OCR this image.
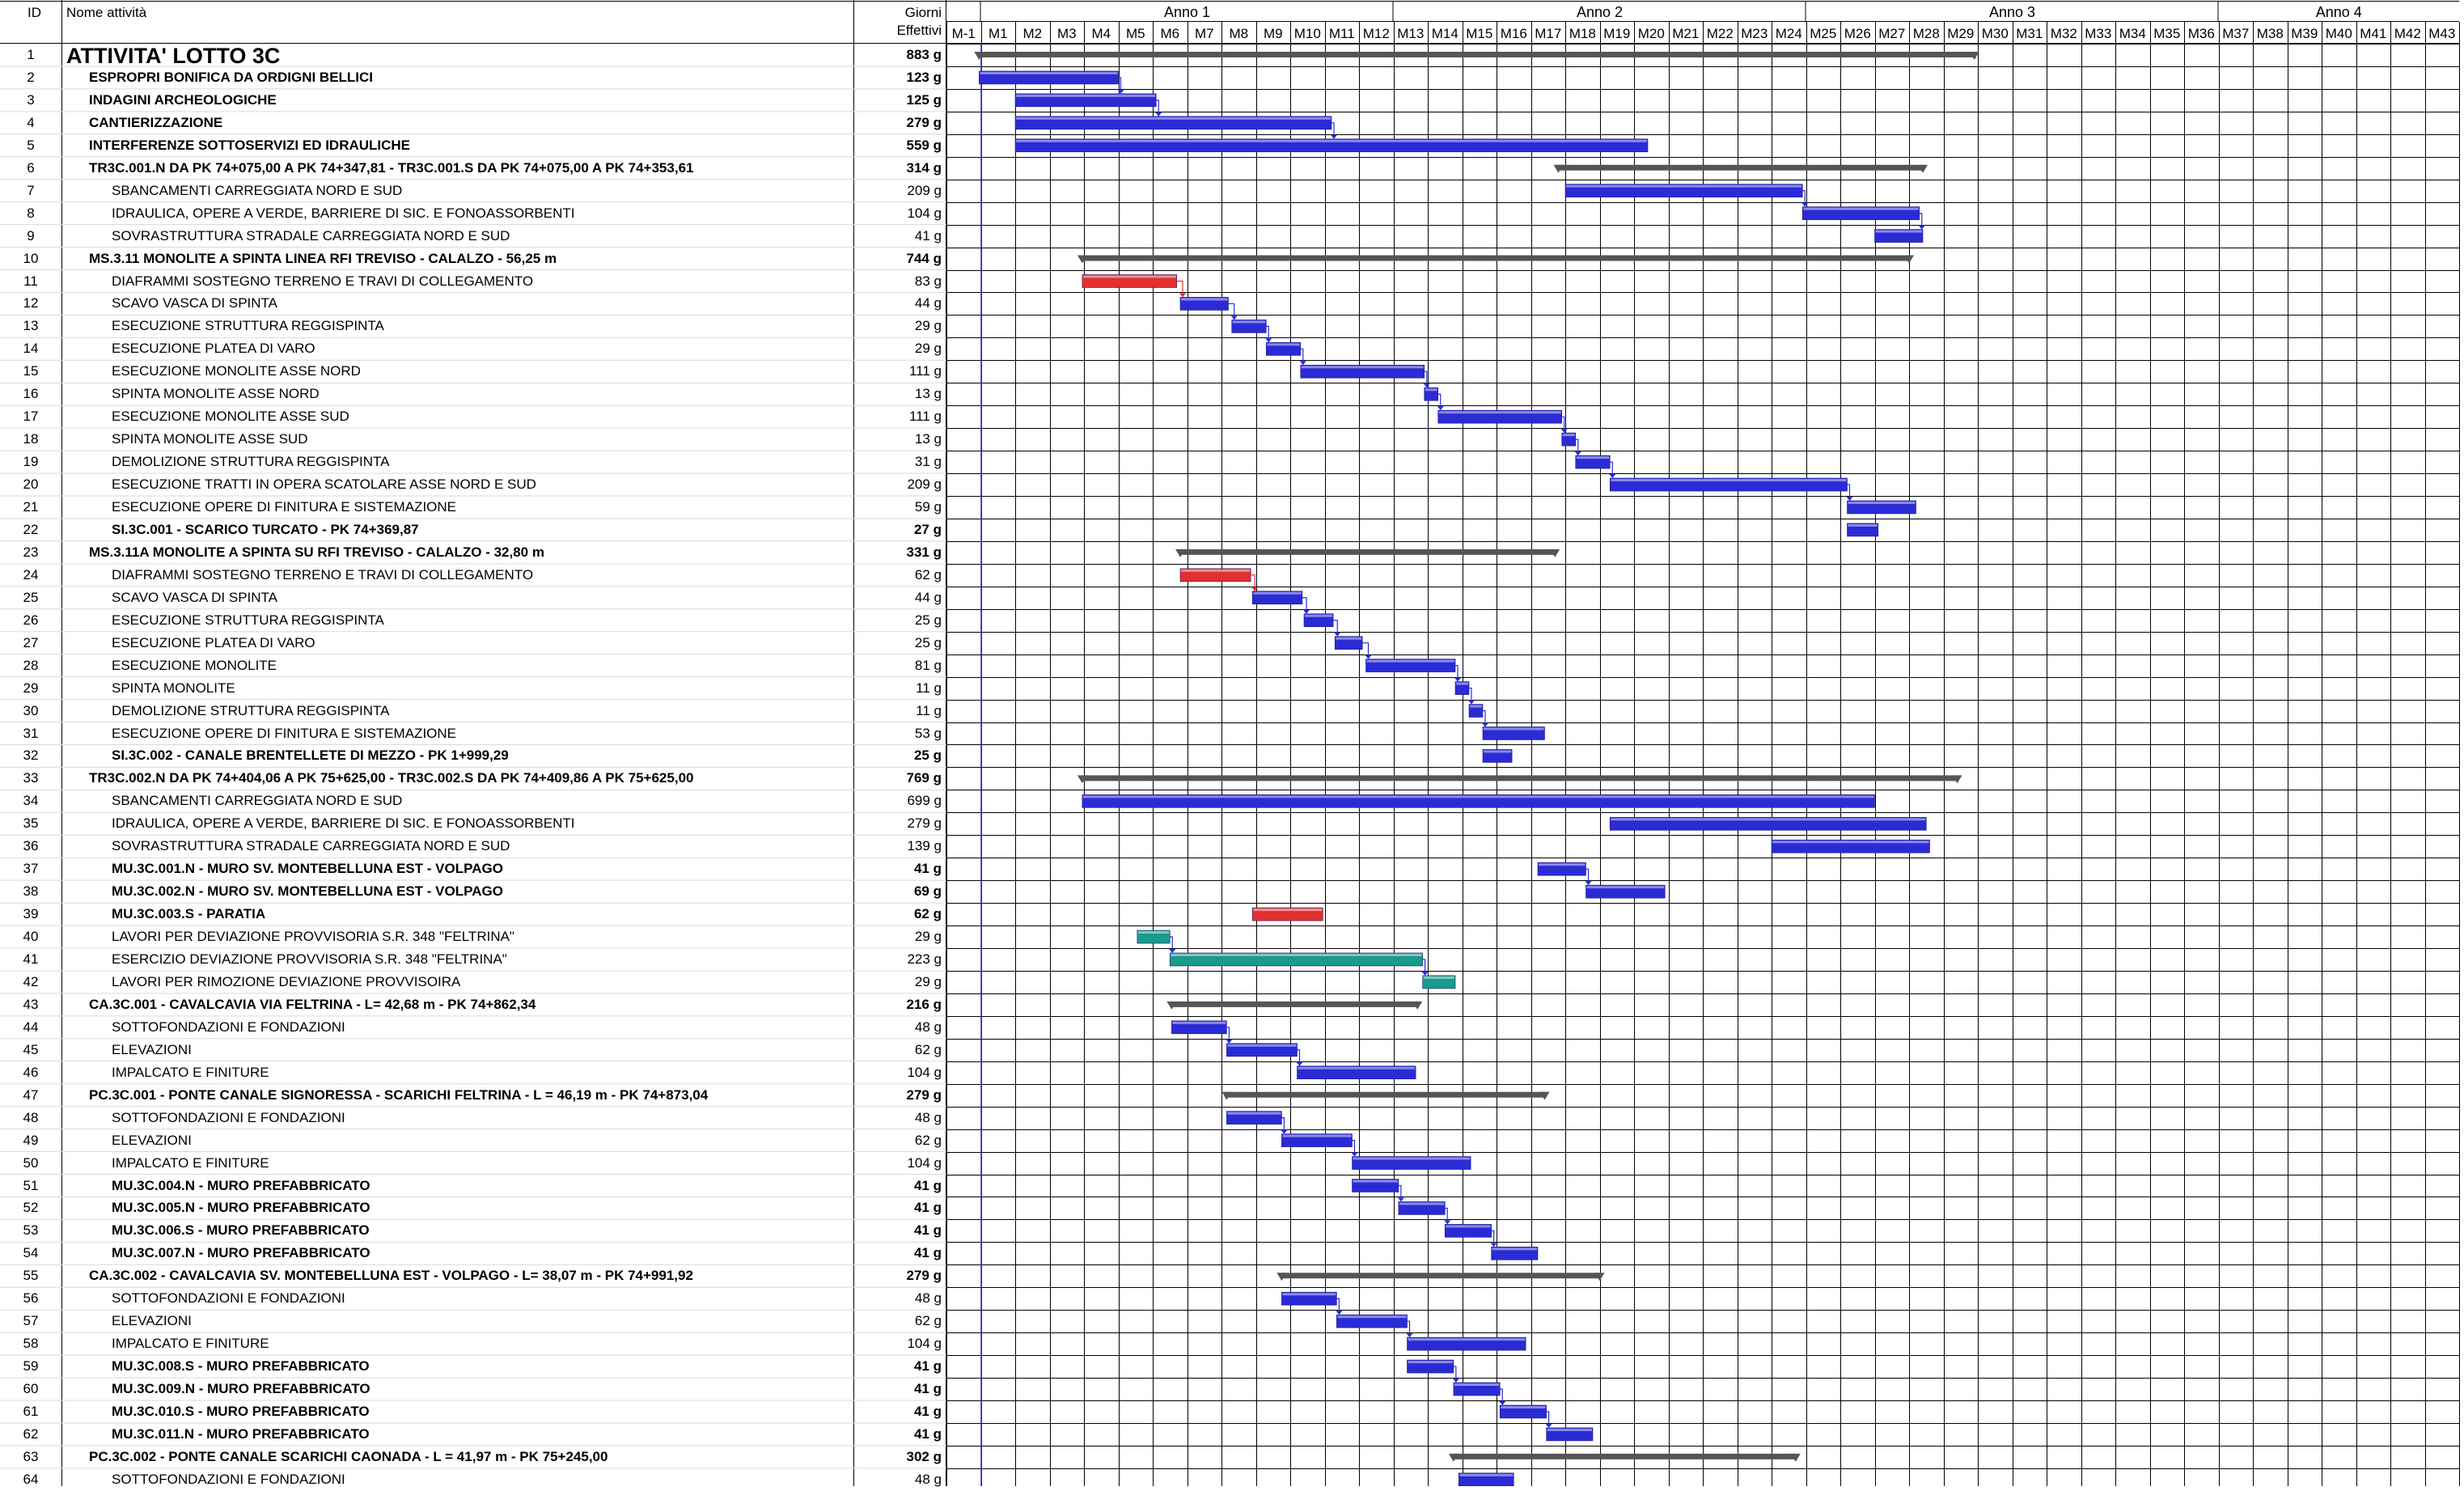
ID Nome attività	Giorni
Effettivi
1	ATTIVITA' LOTTO 3C	883 g
2	ESPROPRI BONIFICA DA ORDIGNI BELLICI	123 g
3	INDAGINI ARCHEOLOGICHE	125 g
4	CANTIERIZZAZIONE	279 g
5	INTERFERENZE SOTTOSERVIZI ED IDRAULICHE	559 g
6	TR3C.001.N DA PK 74+075,00 A PK 74+347,81 - TR3C.001.S DA PK 74+075,00 A PK 74+353,61	314 g
7	SBANCAMENTI CARREGGIATA NORD E SUD	209 g
8	IDRAULICA, OPERE A VERDE, BARRIERE DI SIC. E FONOASSORBENTI	104 g
9	SOVRASTRUTTURA STRADALE CARREGGIATA NORD E SUD	41 g
10	MS.3.11 MONOLITE A SPINTA LINEA RFI TREVISO - CALALZO - 56,25 m	744 g
11	DIAFRAMMI SOSTEGNO TERRENO E TRAVI DI COLLEGAMENTO	83 g
12	SCAVO VASCA DI SPINTA	44 g
13	ESECUZIONE STRUTTURA REGGISPINTA	29 g
14	ESECUZIONE PLATEA DI VARO	29 g
15	ESECUZIONE MONOLITE ASSE NORD	111 g
16	SPINTA MONOLITE ASSE NORD	13 g
17	ESECUZIONE MONOLITE ASSE SUD	111 g
18	SPINTA MONOLITE ASSE SUD	13 g
19	DEMOLIZIONE STRUTTURA REGGISPINTA	31 g
20	ESECUZIONE TRATTI IN OPERA SCATOLARE ASSE NORD E SUD	209 g
21	ESECUZIONE OPERE DI FINITURA E SISTEMAZIONE	59 g
22	SI.3C.001 - SCARICO TURCATO - PK 74+369,87	27 g
23	MS.3.11A MONOLITE A SPINTA SU RFI TREVISO - CALALZO - 32,80 m	331 g
24	DIAFRAMMI SOSTEGNO TERRENO E TRAVI DI COLLEGAMENTO	62 g
25	SCAVO VASCA DI SPINTA	44 g
26	ESECUZIONE STRUTTURA REGGISPINTA	25 g
27	ESECUZIONE PLATEA DI VARO	25 g
28	ESECUZIONE MONOLITE	81 g
29	SPINTA MONOLITE	11 g
30	DEMOLIZIONE STRUTTURA REGGISPINTA	11 g
31	ESECUZIONE OPERE DI FINITURA E SISTEMAZIONE	53 g
32	SI.3C.002 - CANALE BRENTELLETE DI MEZZO - PK 1+999,29	25 g
33	TR3C.002.N DA PK 74+404,06 A PK 75+625,00 - TR3C.002.S DA PK 74+409,86 A PK 75+625,00	769 g
34	SBANCAMENTI CARREGGIATA NORD E SUD	699 g
35	IDRAULICA, OPERE A VERDE, BARRIERE DI SIC. E FONOASSORBENTI	279 g
36	SOVRASTRUTTURA STRADALE CARREGGIATA NORD E SUD	139 g
37	MU.3C.001.N - MURO SV. MONTEBELLUNA EST - VOLPAGO	41 g
38	MU.3C.002.N - MURO SV. MONTEBELLUNA EST - VOLPAGO	69 g
39	MU.3C.003.S - PARATIA	62 g
40	LAVORI PER DEVIAZIONE PROVVISORIA S.R. 348 "FELTRINA"	29 g
41	ESERCIZIO DEVIAZIONE PROVVISORIA S.R. 348 "FELTRINA"	223 g
42	LAVORI PER RIMOZIONE DEVIAZIONE PROVVISOIRA	29 g
43	CA.3C.001 - CAVALCAVIA VIA FELTRINA - L= 42,68 m - PK 74+862,34	216 g
44	SOTTOFONDAZIONI E FONDAZIONI	48 g
45	ELEVAZIONI	62 g
46	IMPALCATO E FINITURE	104 g
47	PC.3C.001 - PONTE CANALE SIGNORESSA - SCARICHI FELTRINA - L = 46,19 m - PK 74+873,04	279 g
48	SOTTOFONDAZIONI E FONDAZIONI	48 g
49	ELEVAZIONI	62 g
50	IMPALCATO E FINITURE	104 g
51	MU.3C.004.N - MURO PREFABBRICATO	41 g
52	MU.3C.005.N - MURO PREFABBRICATO	41 g
53	MU.3C.006.S - MURO PREFABBRICATO	41 g
54	MU.3C.007.N - MURO PREFABBRICATO	41 g
55	CA.3C.002 - CAVALCAVIA SV. MONTEBELLUNA EST - VOLPAGO - L= 38,07 m - PK 74+991,92	279 g
56	SOTTOFONDAZIONI E FONDAZIONI	48 g
57	ELEVAZIONI	62 g
58	IMPALCATO E FINITURE	104 g
59	MU.3C.008.S - MURO PREFABBRICATO	41 g
60	MU.3C.009.N - MURO PREFABBRICATO	41 g
61	MU.3C.010.S - MURO PREFABBRICATO	41 g
62	MU.3C.011.N - MURO PREFABBRICATO	41 g
63	PC.3C.002 - PONTE CANALE SCARICHI CAONADA - L = 41,97 m - PK 75+245,00	302 g
64	SOTTOFONDAZIONI E FONDAZIONI	48 g
Anno 1	Anno 2	Anno 3	Anno 4
M-1 M1 M2 M3 M4 M5 M6 M7 M8 M9 M10 M11 M12 M13 M14 M15 M16 M17 M18 M19 M20 M21 M22 M23 M24 M25 M26 M27 M28 M29 M30 M31 M32 M33 M34 M35 M36 M37 M38 M39 M40 M41 M42 M43
